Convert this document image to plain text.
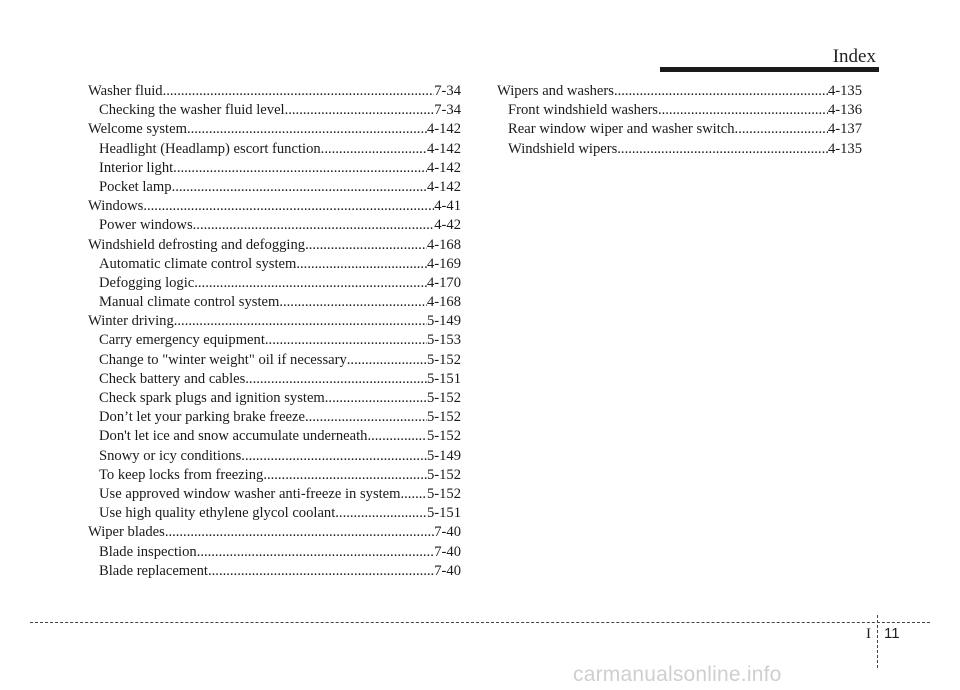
Index
Washer fluid .....	7-34
Checking the washer fluid level .....	7-34
Welcome system .....	4-142
Headlight (Headlamp) escort function .....	4-142
Interior light .....	4-142
Pocket lamp .....	4-142
Windows .....	4-41
Power windows .....	4-42
Windshield defrosting and defogging .....	4-168
Automatic climate control system .....	4-169
Defogging logic .....	4-170
Manual climate control system .....	4-168
Winter driving .....	5-149
Carry emergency equipment .....	5-153
Change to "winter weight" oil if necessary .....	5-152
Check battery and cables .....	5-151
Check spark plugs and ignition system .....	5-152
Don’t let your parking brake freeze .....	5-152
Don't let ice and snow accumulate underneath .....	5-152
Snowy or icy conditions .....	5-149
To keep locks from freezing .....	5-152
Use approved window washer anti-freeze in system. ..... 5-152
Use high quality ethylene glycol coolant .....	5-151
Wiper blades .....	7-40
Blade inspection .....	7-40
Blade replacement .....	7-40
Wipers and washers .....	4-135
Front windshield washers .....	4-136
Rear window wiper and washer switch .....	4-137
Windshield wipers .....	4-135
I 11
carmanualsonline.info
